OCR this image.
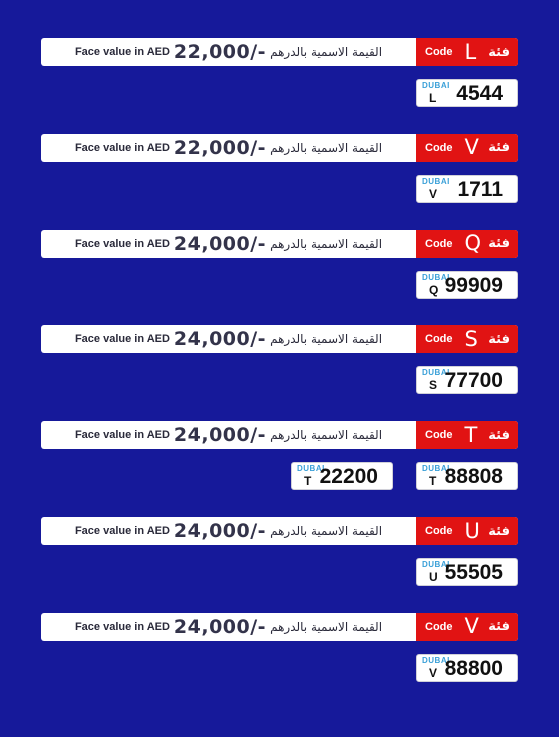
Face value in AED 22,000/- القيمة الاسمية بالدرهم	Code L فئة
DUBAI
L 4544
Face value in AED 22,000/- القيمة الاسمية بالدرهم	Code V فئة
DUBAI
V 1711
Face value in AED 24,000/- القيمة الاسمية بالدرهم	Code Q فئة
DUBAI
Q 99909
Face value in AED 24,000/- القيمة الاسمية بالدرهم	Code S فئة
DUBAI
S 77700
Face value in AED 24,000/- القيمة الاسمية بالدرهم	Code T فئة
DUBAI
T 88808
DUBAI
T 22200
Face value in AED 24,000/- القيمة الاسمية بالدرهم	Code U فئة
DUBAI
U 55505
Face value in AED 24,000/- القيمة الاسمية بالدرهم	Code V فئة
DUBAI
V 88800
